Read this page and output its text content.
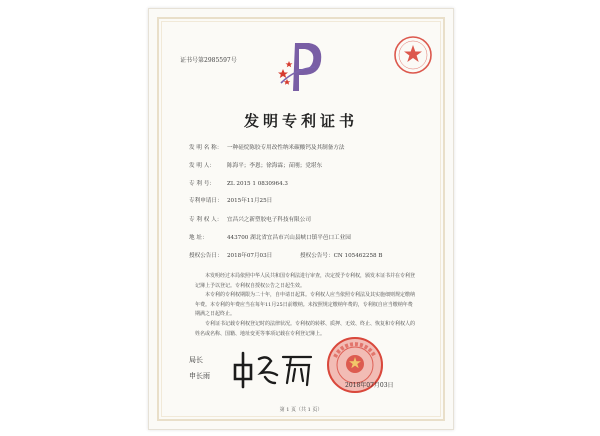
证书号第2985597号
发明专利证书
发 明 名 称： 一种硅烷陈胶专用改性纳米碳酸钙及其制备方法
发 明 人： 陈海平；李恩；徐海霖；苗刚；党堪东
专 利 号： ZL 2015 1 0830964.3
专利申请日： 2015年11月25日
专 利 权 人： 宜昌兴之新塑胶电子科技有限公司
地 址：	443700 湖北省宜昌市兴山县峡口镇平邑口工业园
授权公告日： 2018年07月03日	授权公告号：CN 105462258 B

本发明经过本局依照中华人民共和国专利法进行审查，决定授予专利权，颁发本证书并在专利登记簿上予以登记。专利权自授权公告之日起生效。

本专利的专利权期限为二十年，自申请日起算。专利权人应当依照专利法及其实施细则规定缴纳年费。本专利的年费应当在每年11月25日前缴纳。未按照规定缴纳年费的，专利权自应当缴纳年费期满之日起终止。

专利证书记载专利权登记时的法律状况。专利权的转移、质押、无效、终止、恢复和专利权人的姓名或名称、国籍、地址变更等事项记载在专利登记簿上。

局长
申长雨
2018年07月03日
第 1 页（共 1 页）
